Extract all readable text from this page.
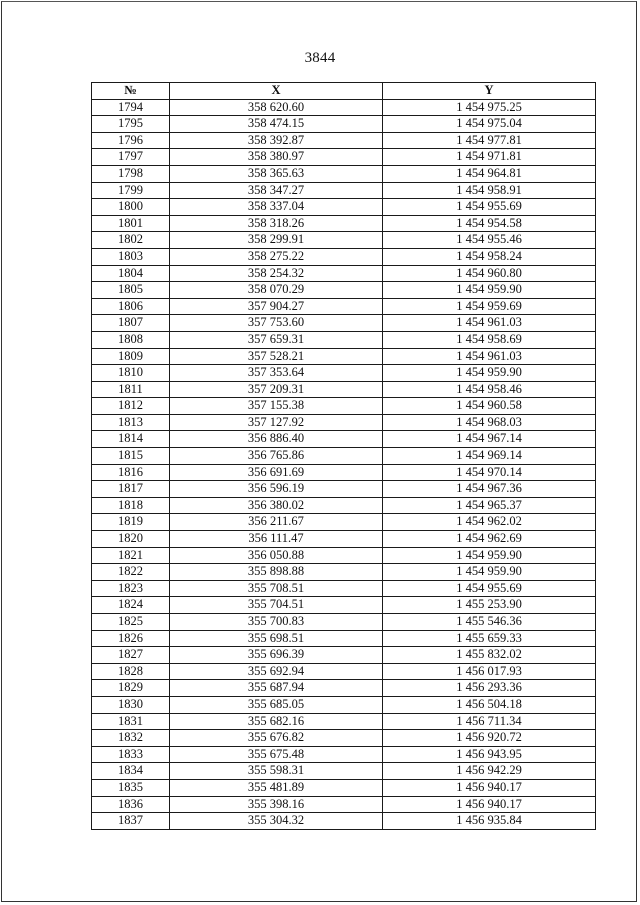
3844
№	X	Y
1794	358 620.60	1 454 975.25
1795	358 474.15	1 454 975.04
1796	358 392.87	1 454 977.81
1797	358 380.97	1 454 971.81
1798	358 365.63	1 454 964.81
1799	358 347.27	1 454 958.91
1800	358 337.04	1 454 955.69
1801	358 318.26	1 454 954.58
1802	358 299.91	1 454 955.46
1803	358 275.22	1 454 958.24
1804	358 254.32	1 454 960.80
1805	358 070.29	1 454 959.90
1806	357 904.27	1 454 959.69
1807	357 753.60	1 454 961.03
1808	357 659.31	1 454 958.69
1809	357 528.21	1 454 961.03
1810	357 353.64	1 454 959.90
1811	357 209.31	1 454 958.46
1812	357 155.38	1 454 960.58
1813	357 127.92	1 454 968.03
1814	356 886.40	1 454 967.14
1815	356 765.86	1 454 969.14
1816	356 691.69	1 454 970.14
1817	356 596.19	1 454 967.36
1818	356 380.02	1 454 965.37
1819	356 211.67	1 454 962.02
1820	356 111.47	1 454 962.69
1821	356 050.88	1 454 959.90
1822	355 898.88	1 454 959.90
1823	355 708.51	1 454 955.69
1824	355 704.51	1 455 253.90
1825	355 700.83	1 455 546.36
1826	355 698.51	1 455 659.33
1827	355 696.39	1 455 832.02
1828	355 692.94	1 456 017.93
1829	355 687.94	1 456 293.36
1830	355 685.05	1 456 504.18
1831	355 682.16	1 456 711.34
1832	355 676.82	1 456 920.72
1833	355 675.48	1 456 943.95
1834	355 598.31	1 456 942.29
1835	355 481.89	1 456 940.17
1836	355 398.16	1 456 940.17
1837	355 304.32	1 456 935.84
